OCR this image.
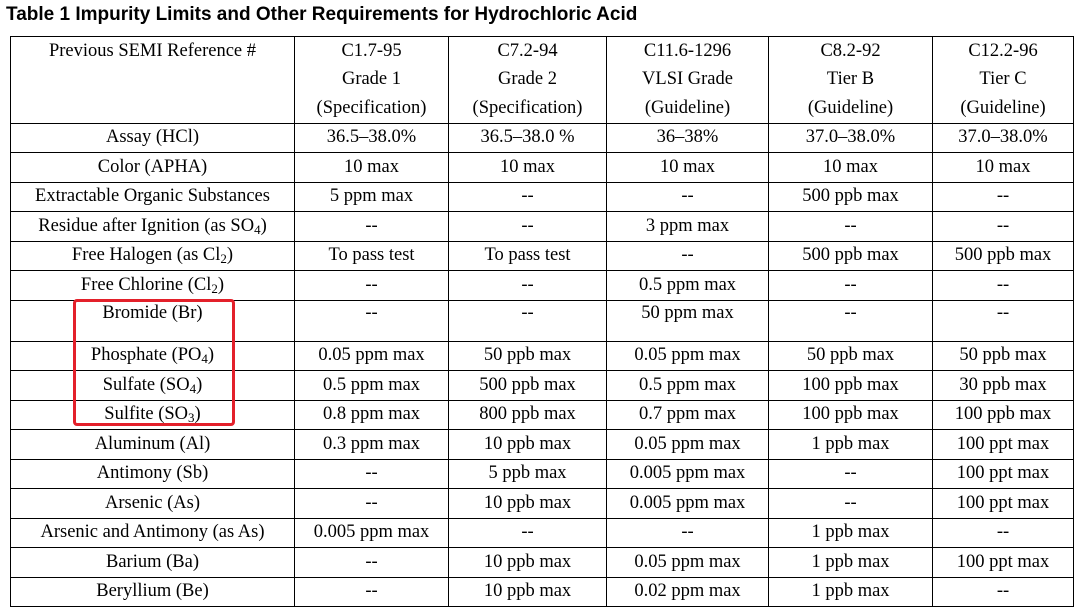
Table 1 Impurity Limits and Other Requirements for Hydrochloric Acid
Previous SEMI Reference #	C1.7-95	C7.2-94	C11.6-1296	C8.2-92	C12.2-96
	Grade 1	Grade 2	VLSI Grade	Tier B	Tier C
	(Specification)	(Specification)	(Guideline)	(Guideline)	(Guideline)
Assay (HCl)	36.5–38.0%	36.5–38.0 %	36–38%	37.0–38.0%	37.0–38.0%
Color (APHA)	10 max	10 max	10 max	10 max	10 max
Extractable Organic Substances	5 ppm max	--	--	500 ppb max	--
Residue after Ignition (as $SO_4$)	--	--	3 ppm max	--	--
Free Halogen (as $Cl_2$)	To pass test	To pass test	--	500 ppb max	500 ppb max
Free Chlorine $(Cl_2)$	--	--	0.5 ppm max	--	--
Bromide (Br)	--	--	50 ppm max	--	--
Phosphate $(PO_4)$	0.05 ppm max	50 ppb max	0.05 ppm max	50 ppb max	50 ppb max
Sulfate $(SO_4)$	0.5 ppm max	500 ppb max	0.5 ppm max	100 ppb max	30 ppb max
Sulfite $(SO_3)$	0.8 ppm max	800 ppb max	0.7 ppm max	100 ppb max	100 ppb max
Aluminum (Al)	0.3 ppm max	10 ppb max	0.05 ppm max	1 ppb max	100 ppt max
Antimony (Sb)	--	5 ppb max	0.005 ppm max	--	100 ppt max
Arsenic (As)	--	10 ppb max	0.005 ppm max	--	100 ppt max
Arsenic and Antimony (as As)	0.005 ppm max	--	--	1 ppb max	--
Barium (Ba)	--	10 ppb max	0.05 ppm max	1 ppb max	100 ppt max
Beryllium (Be)	--	10 ppb max	0.02 ppm max	1 ppb max	--
